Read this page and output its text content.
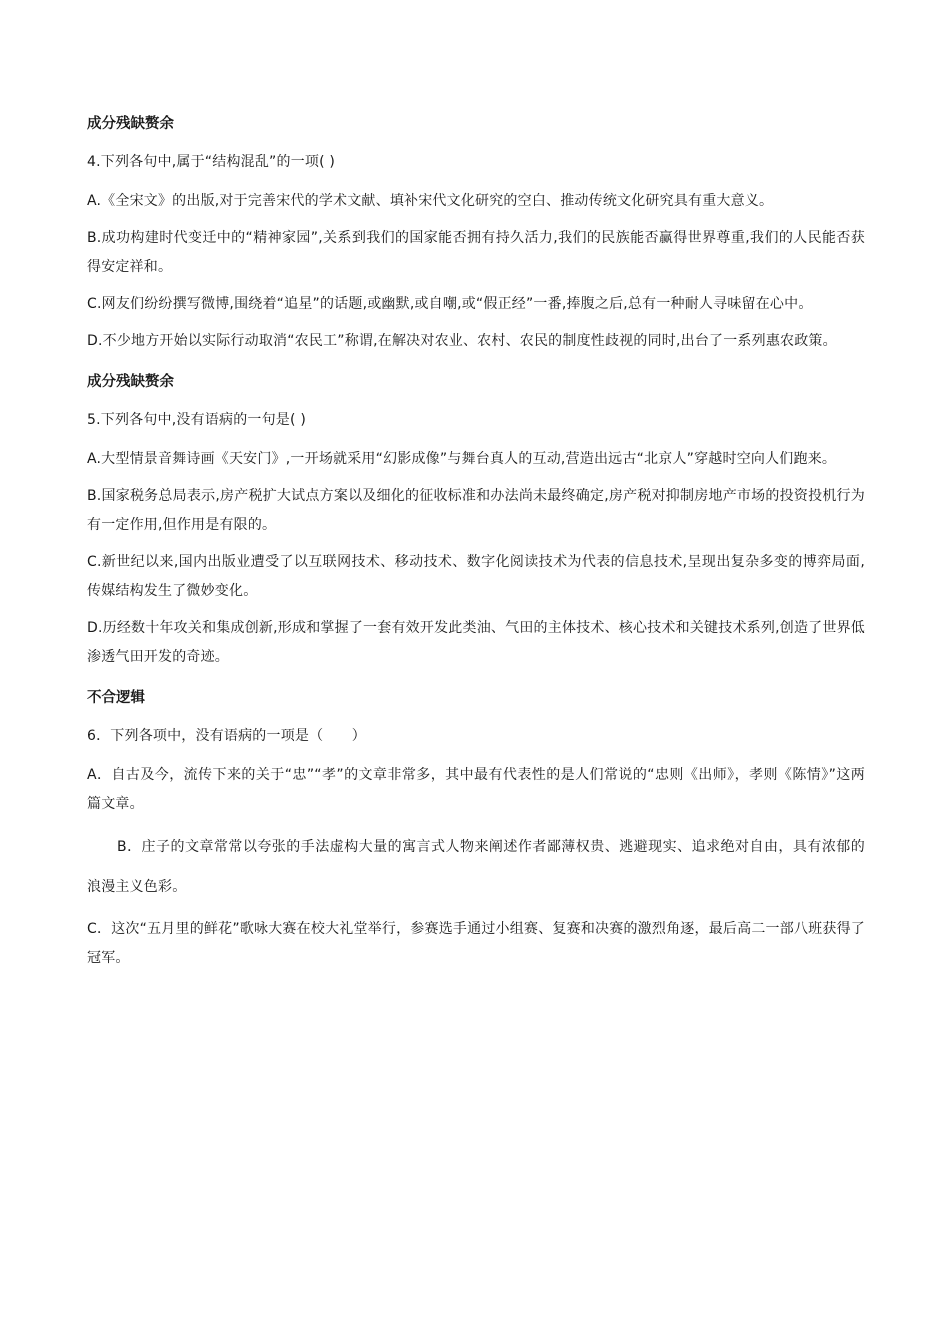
成分残缺赘余
4.下列各句中,属于“结构混乱”的一项( )
A.《全宋文》的出版,对于完善宋代的学术文献、填补宋代文化研究的空白、推动传统文化研究具有重大意义。
B.成功构建时代变迁中的“精神家园”,关系到我们的国家能否拥有持久活力,我们的民族能否赢得世界尊重,我们的人民能否获得安定祥和。
C.网友们纷纷撰写微博,围绕着“追星”的话题,或幽默,或自嘲,或“假正经”一番,捧腹之后,总有一种耐人寻味留在心中。
D.不少地方开始以实际行动取消“农民工”称谓,在解决对农业、农村、农民的制度性歧视的同时,出台了一系列惠农政策。
成分残缺赘余
5.下列各句中,没有语病的一句是( )
A.大型情景音舞诗画《天安门》,一开场就采用“幻影成像”与舞台真人的互动,营造出远古“北京人”穿越时空向人们跑来。
B.国家税务总局表示,房产税扩大试点方案以及细化的征收标准和办法尚未最终确定,房产税对抑制房地产市场的投资投机行为有一定作用,但作用是有限的。
C.新世纪以来,国内出版业遭受了以互联网技术、移动技术、数字化阅读技术为代表的信息技术,呈现出复杂多变的博弈局面,传媒结构发生了微妙变化。
D.历经数十年攻关和集成创新,形成和掌握了一套有效开发此类油、气田的主体技术、核心技术和关键技术系列,创造了世界低渗透气田开发的奇迹。
不合逻辑
6．下列各项中，没有语病的一项是（　　）
A．自古及今，流传下来的关于“忠”“孝”的文章非常多，其中最有代表性的是人们常说的“忠则《出师》，孝则《陈情》”这两篇文章。
B．庄子的文章常常以夸张的手法虚构大量的寓言式人物来阐述作者鄙薄权贵、逃避现实、追求绝对自由，具有浓郁的浪漫主义色彩。
C．这次“五月里的鲜花”歌咏大赛在校大礼堂举行，参赛选手通过小组赛、复赛和决赛的激烈角逐，最后高二一部八班获得了冠军。
